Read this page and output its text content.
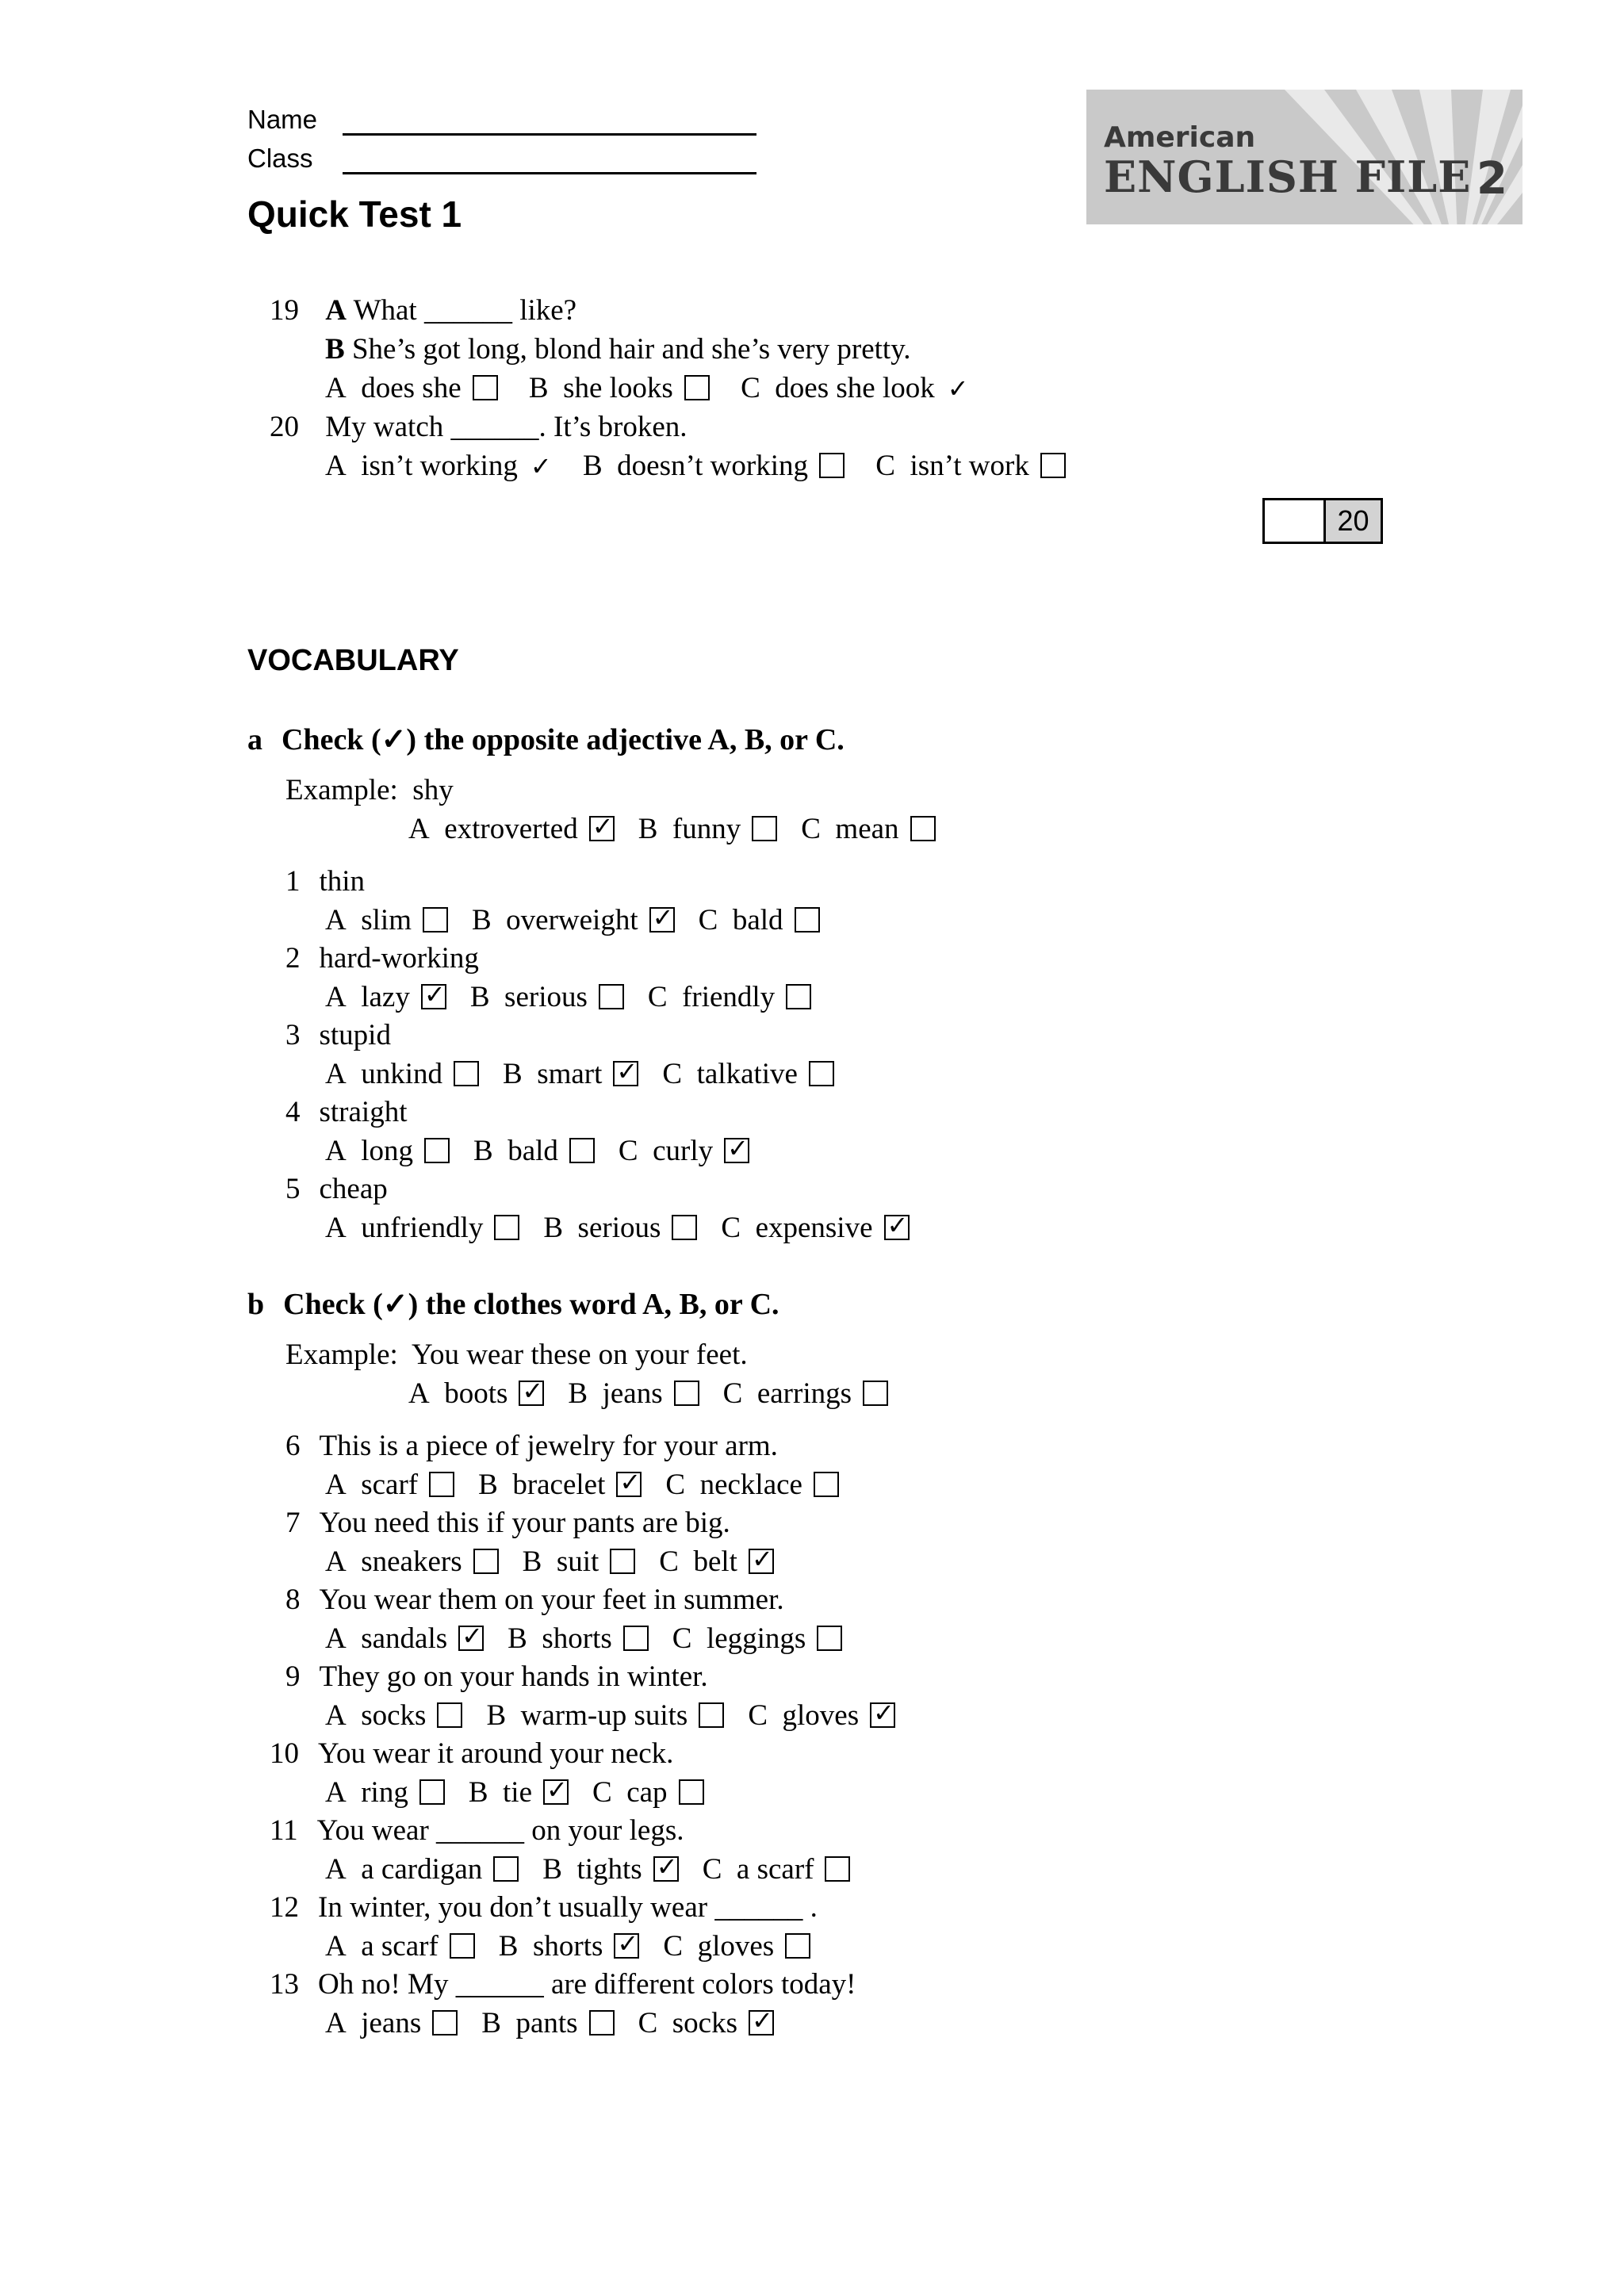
Name
Class
Quick Test 1
American
ENGLISH FILE 2
19 A What ______ like?
B She’s got long, blond hair and she’s very pretty.
A does she B she looks C does she look ✓
20 My watch ______. It’s broken.
A isn’t working ✓ B doesn’t working C isn’t work
20
VOCABULARY
a Check (✓) the opposite adjective A, B, or C.
Example: shy
A extroverted ✓ B funny C mean
1 thin
A slim B overweight ✓ C bald
2 hard-working
A lazy ✓ B serious C friendly
3 stupid
A unkind B smart ✓ C talkative
4 straight
A long B bald C curly✓
5 cheap
A unfriendly B serious C expensive✓
b Check (✓) the clothes word A, B, or C.
Example: You wear these on your feet.
A boots ✓ B jeans C earrings
6 This is a piece of jewelry for your arm.
A scarf B bracelet ✓ C necklace
7 You need this if your pants are big.
A sneakers B suit C belt✓
8 You wear them on your feet in summer.
A sandals ✓ B shorts C leggings
9 They go on your hands in winter.
A socks B warm-up suits C gloves✓
10 You wear it around your neck.
A ring B tie ✓ C cap
11 You wear ______ on your legs.
A a cardigan B tights ✓ C a scarf
12 In winter, you don’t usually wear ______ .
A a scarf B shorts ✓ C gloves
13 Oh no! My ______ are different colors today!
A jeans B pants C socks✓
